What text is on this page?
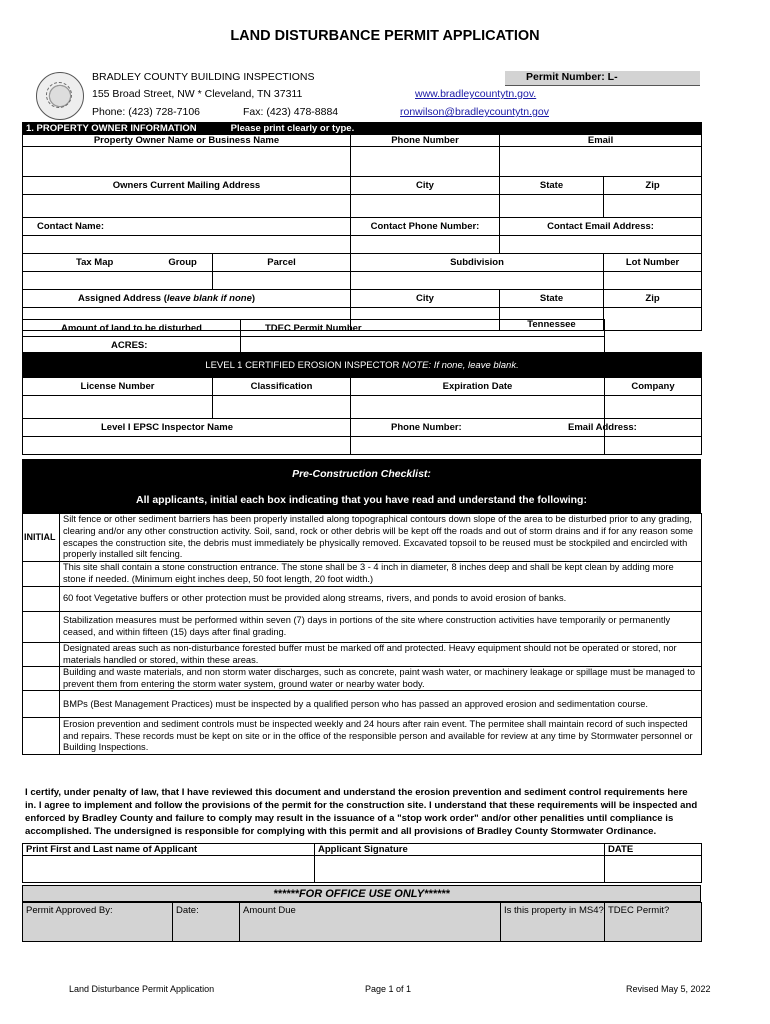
LAND DISTURBANCE PERMIT APPLICATION
BRADLEY COUNTY BUILDING INSPECTIONS
155 Broad Street, NW * Cleveland, TN 37311
Phone: (423) 728-7106	Fax: (423) 478-8884
www.bradleycountytn.gov.
ronwilson@bradleycountytn.gov
Permit Number: L-
1. PROPERTY OWNER INFORMATION Please print clearly or type.				
Property Owner Name or Business Name		Phone Number	Email	

Owners Current Mailing Address		City	State	Zip

Contact Name:		Contact Phone Number:	Contact Email Address:	

Tax Map Group	Parcel	Subdivision		Lot Number

Assigned Address (leave blank if none)		City	State	Zip
			Tennessee	
Amount of land to be disturbed	TDEC Permit Number	
ACRES:		
LEVEL 1 CERTIFIED EROSION INSPECTOR NOTE: If none, leave blank.			
License Number	Classification	Expiration Date	Company

Level I EPSC Inspector Name		Phone Number:	Email Address:

Pre-Construction Checklist:
All applicants, initial each box indicating that you have read and understand the following:
INITIAL	Silt fence or other sediment barriers has been properly installed along topographical contours down slope of the area to be disturbed prior to any grading, clearing and/or any other construction activity. Soil, sand, rock or other debris will be kept off the roads and out of storm drains and if for any reason some escapes the construction site, the debris must immediately be physically removed. Excavated topsoil to be reused must be stockpiled and encircled with properly installed silt fencing.
	This site shall contain a stone construction entrance. The stone shall be 3 - 4 inch in diameter, 8 inches deep and shall be kept clean by adding more stone if needed. (Minimum eight inches deep, 50 foot length, 20 foot width.)
	60 foot Vegetative buffers or other protection must be provided along streams, rivers, and ponds to avoid erosion of banks.
	Stabilization measures must be performed within seven (7) days in portions of the site where construction activities have temporarily or permanently ceased, and within fifteen (15) days after final grading.
	Designated areas such as non-disturbance forested buffer must be marked off and protected. Heavy equipment should not be operated or stored, nor materials handled or stored, within these areas.
	Building and waste materials, and non storm water discharges, such as concrete, paint wash water, or machinery leakage or spillage must be managed to prevent them from entering the storm water system, ground water or nearby water body.
	BMPs (Best Management Practices) must be inspected by a qualified person who has passed an approved erosion and sedimentation course.
	Erosion prevention and sediment controls must be inspected weekly and 24 hours after rain event. The permitee shall maintain record of such inspected and repairs. These records must be kept on site or in the office of the responsible person and available for review at any time by Stormwater personnel or Building Inspections.
I certify, under penalty of law, that I have reviewed this document and understand the erosion prevention and sediment control requirements here in. I agree to implement and follow the provisions of the permit for the construction site. I understand that these requirements will be inspected and enforced by Bradley County and failure to comply may result in the issuance of a "stop work order" and/or other penalities until compliance is accomplished. The undersigned is responsible for complying with this permit and all provisions of Bradley County Stormwater Ordinance.
Print First and Last name of Applicant	Applicant Signature	DATE

******FOR OFFICE USE ONLY******
Permit Approved By:	Date:	Amount Due	Is this property in MS4?	TDEC Permit?
Land Disturbance Permit Application	Page 1 of 1	Revised May 5, 2022
